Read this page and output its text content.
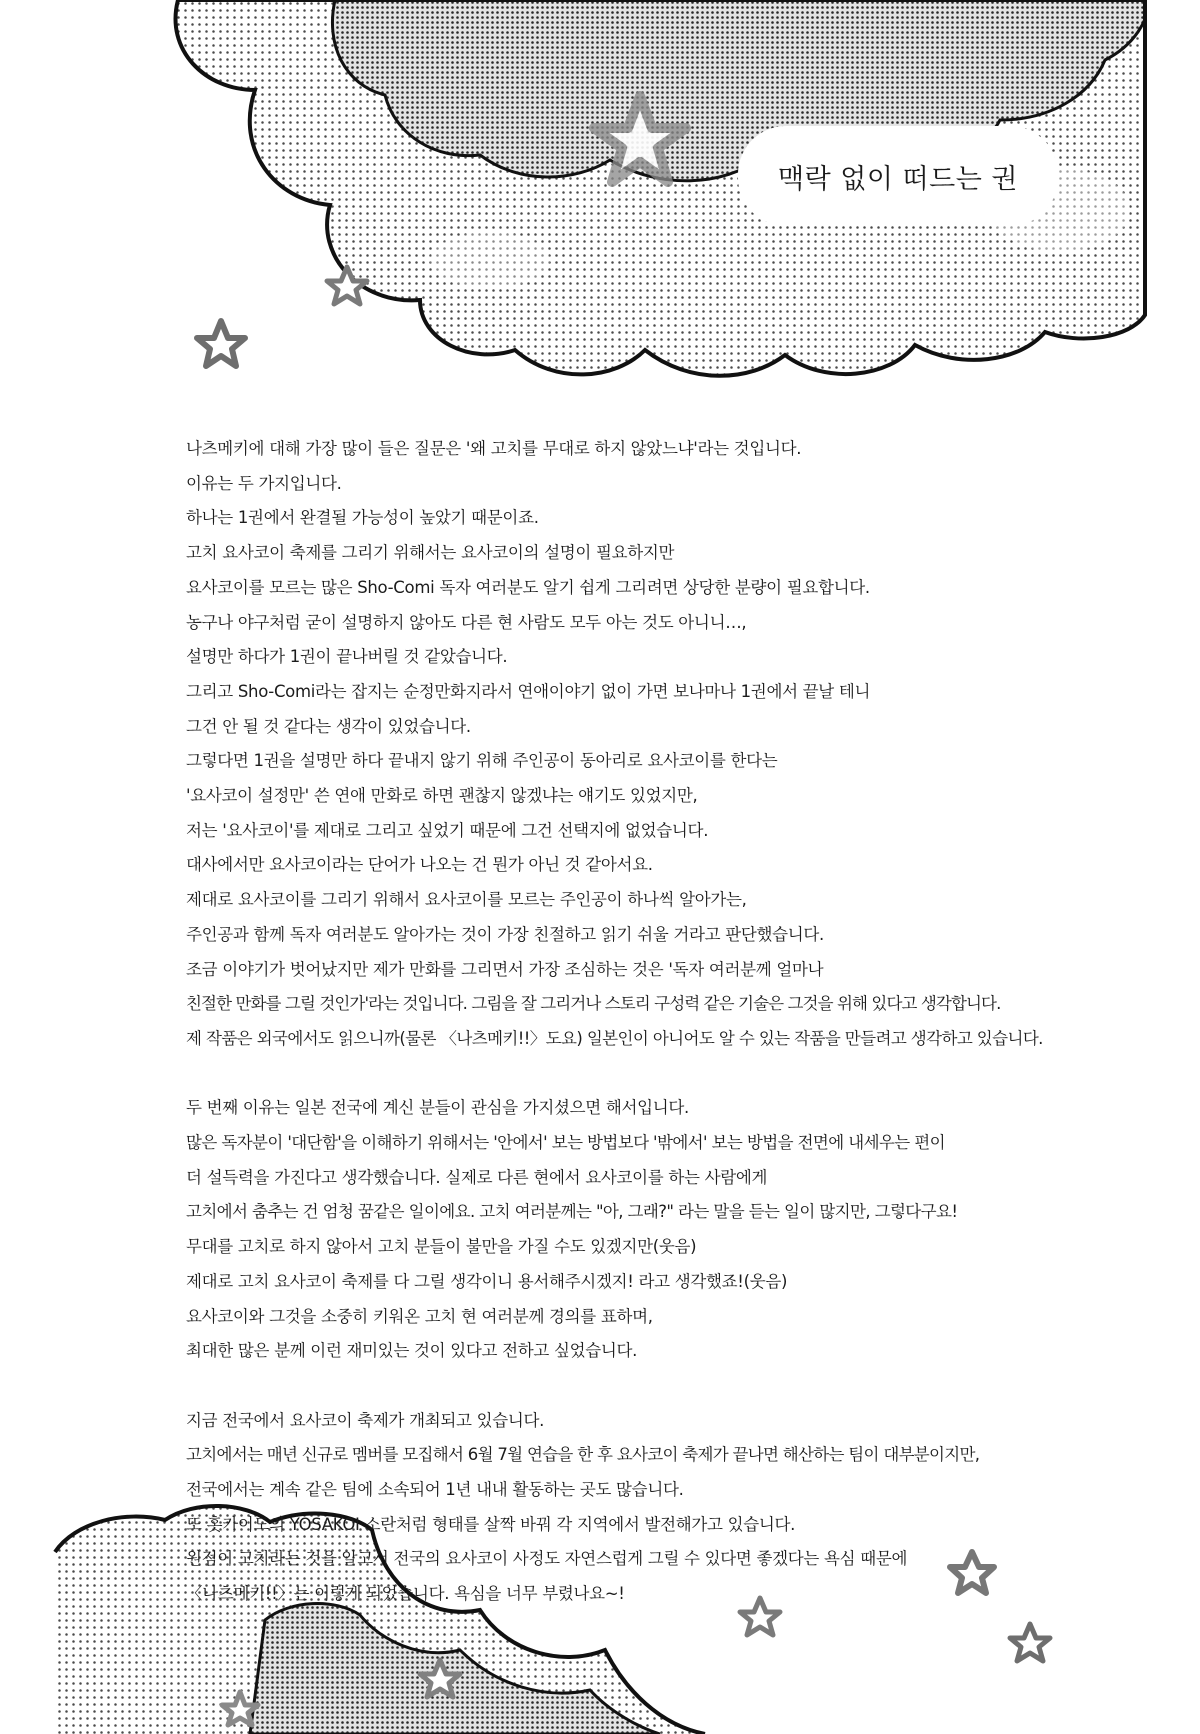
맥락 없이 떠드는 권
나츠메키에 대해 가장 많이 들은 질문은 '왜 고치를 무대로 하지 않았느냐'라는 것입니다.
이유는 두 가지입니다.
하나는 1권에서 완결될 가능성이 높았기 때문이죠.
고치 요사코이 축제를 그리기 위해서는 요사코이의 설명이 필요하지만
요사코이를 모르는 많은 Sho-Comi 독자 여러분도 알기 쉽게 그리려면 상당한 분량이 필요합니다.
농구나 야구처럼 굳이 설명하지 않아도 다른 현 사람도 모두 아는 것도 아니니…,
설명만 하다가 1권이 끝나버릴 것 같았습니다.
그리고 Sho-Comi라는 잡지는 순정만화지라서 연애이야기 없이 가면 보나마나 1권에서 끝날 테니
그건 안 될 것 같다는 생각이 있었습니다.
그렇다면 1권을 설명만 하다 끝내지 않기 위해 주인공이 동아리로 요사코이를 한다는
'요사코이 설정만' 쓴 연애 만화로 하면 괜찮지 않겠냐는 얘기도 있었지만,
저는 '요사코이'를 제대로 그리고 싶었기 때문에 그건 선택지에 없었습니다.
대사에서만 요사코이라는 단어가 나오는 건 뭔가 아닌 것 같아서요.
제대로 요사코이를 그리기 위해서 요사코이를 모르는 주인공이 하나씩 알아가는,
주인공과 함께 독자 여러분도 알아가는 것이 가장 친절하고 읽기 쉬울 거라고 판단했습니다.
조금 이야기가 벗어났지만 제가 만화를 그리면서 가장 조심하는 것은 '독자 여러분께 얼마나
친절한 만화를 그릴 것인가'라는 것입니다. 그림을 잘 그리거나 스토리 구성력 같은 기술은 그것을 위해 있다고 생각합니다.
제 작품은 외국에서도 읽으니까(물론 〈나츠메키!!〉도요) 일본인이 아니어도 알 수 있는 작품을 만들려고 생각하고 있습니다.
두 번째 이유는 일본 전국에 계신 분들이 관심을 가지셨으면 해서입니다.
많은 독자분이 '대단함'을 이해하기 위해서는 '안에서' 보는 방법보다 '밖에서' 보는 방법을 전면에 내세우는 편이
더 설득력을 가진다고 생각했습니다. 실제로 다른 현에서 요사코이를 하는 사람에게
고치에서 춤추는 건 엄청 꿈같은 일이에요. 고치 여러분께는 "아, 그래?" 라는 말을 듣는 일이 많지만, 그렇다구요!
무대를 고치로 하지 않아서 고치 분들이 불만을 가질 수도 있겠지만(웃음)
제대로 고치 요사코이 축제를 다 그릴 생각이니 용서해주시겠지! 라고 생각했죠!(웃음)
요사코이와 그것을 소중히 키워온 고치 현 여러분께 경의를 표하며,
최대한 많은 분께 이런 재미있는 것이 있다고 전하고 싶었습니다.
지금 전국에서 요사코이 축제가 개최되고 있습니다.
고치에서는 매년 신규로 멤버를 모집해서 6월 7월 연습을 한 후 요사코이 축제가 끝나면 해산하는 팀이 대부분이지만,
전국에서는 계속 같은 팀에 소속되어 1년 내내 활동하는 곳도 많습니다.
또 홋카이도의 YOSAKOI 소란처럼 형태를 살짝 바꿔 각 지역에서 발전해가고 있습니다.
원점이 고치라는 것을 알고서 전국의 요사코이 사정도 자연스럽게 그릴 수 있다면 좋겠다는 욕심 때문에
〈나츠메키!!〉는 이렇게 되었습니다. 욕심을 너무 부렸나요~!
